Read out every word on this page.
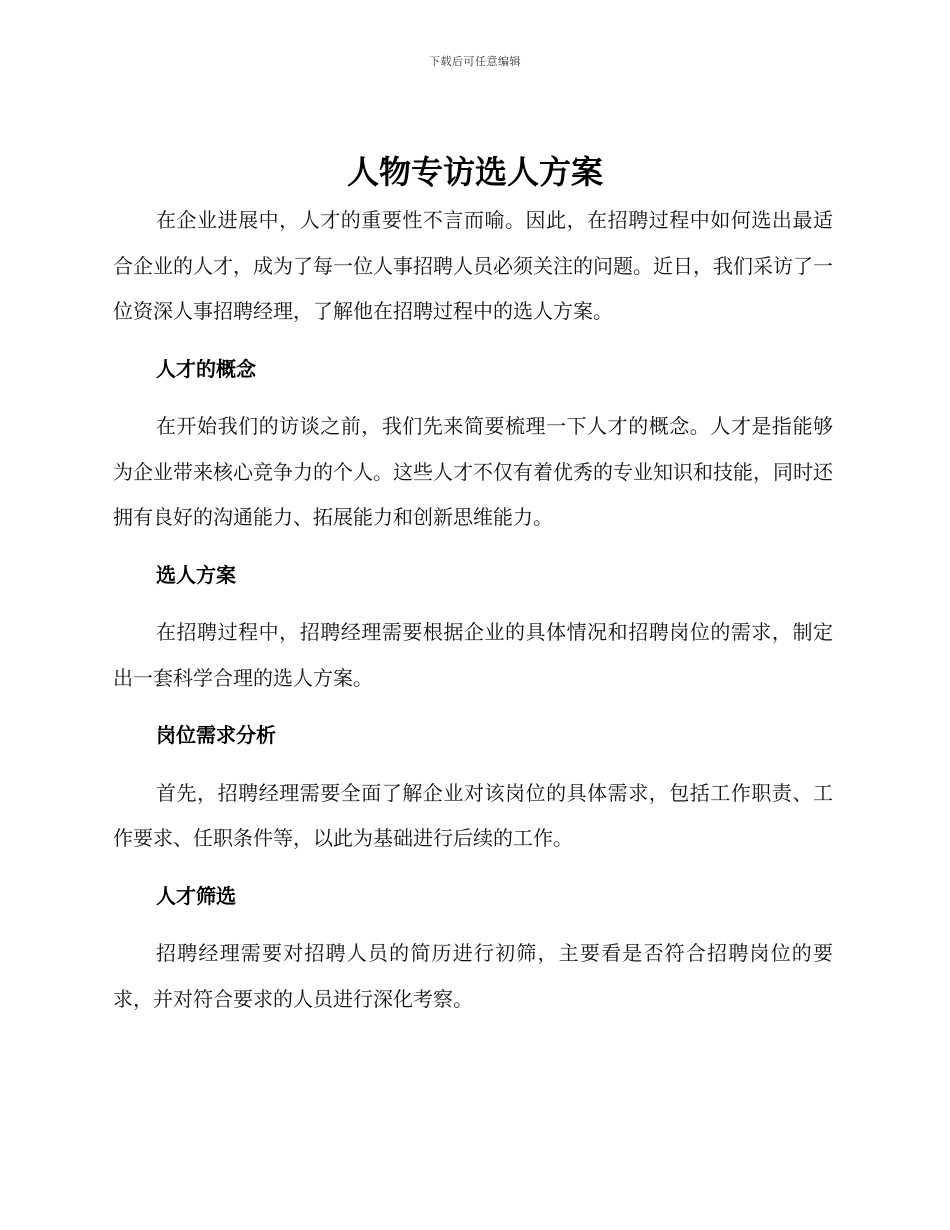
下载后可任意编辑
人物专访选人方案

在企业进展中，人才的重要性不言而喻。因此，在招聘过程中如何选出最适合企业的人才，成为了每一位人事招聘人员必须关注的问题。近日，我们采访了一位资深人事招聘经理，了解他在招聘过程中的选人方案。

人才的概念

在开始我们的访谈之前，我们先来简要梳理一下人才的概念。人才是指能够为企业带来核心竞争力的个人。这些人才不仅有着优秀的专业知识和技能，同时还拥有良好的沟通能力、拓展能力和创新思维能力。

选人方案

在招聘过程中，招聘经理需要根据企业的具体情况和招聘岗位的需求，制定出一套科学合理的选人方案。

岗位需求分析

首先，招聘经理需要全面了解企业对该岗位的具体需求，包括工作职责、工作要求、任职条件等，以此为基础进行后续的工作。

人才筛选

招聘经理需要对招聘人员的简历进行初筛，主要看是否符合招聘岗位的要求，并对符合要求的人员进行深化考察。
